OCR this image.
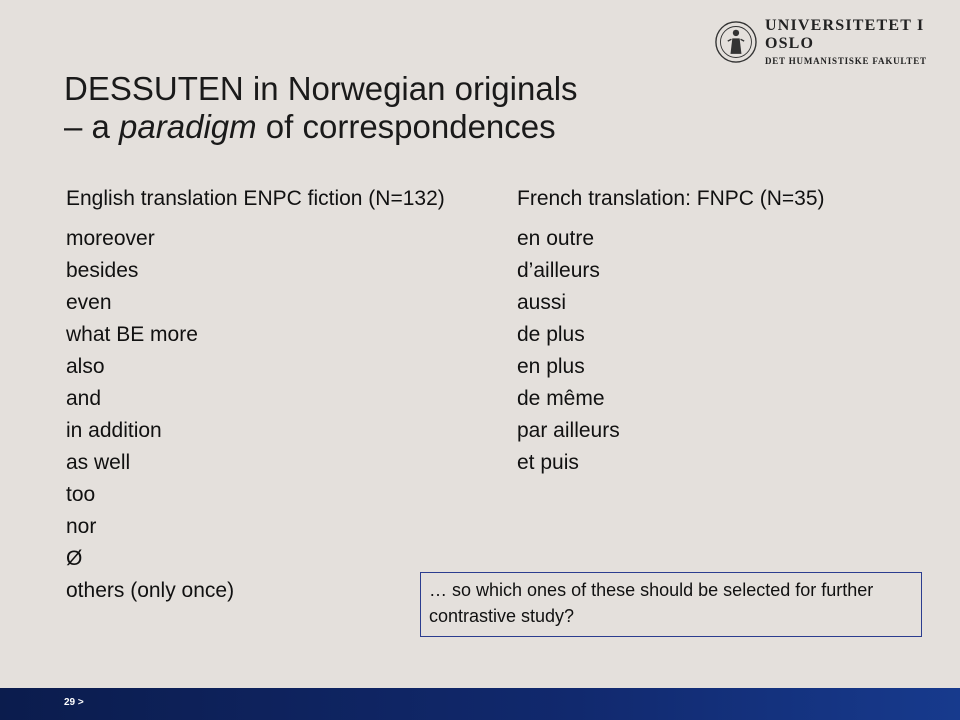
UNIVERSITETET I OSLO
DET HUMANISTISKE FAKULTET
DESSUTEN in Norwegian originals
– a paradigm of correspondences
English translation ENPC fiction (N=132)
moreover
besides
even
what BE more
also
and
in addition
as well
too
nor
Ø
others (only once)
French translation: FNPC (N=35)
en outre
d’ailleurs
aussi
de plus
en plus
de même
par ailleurs
et puis
… so which ones of these should be selected for further contrastive study?
29 >
